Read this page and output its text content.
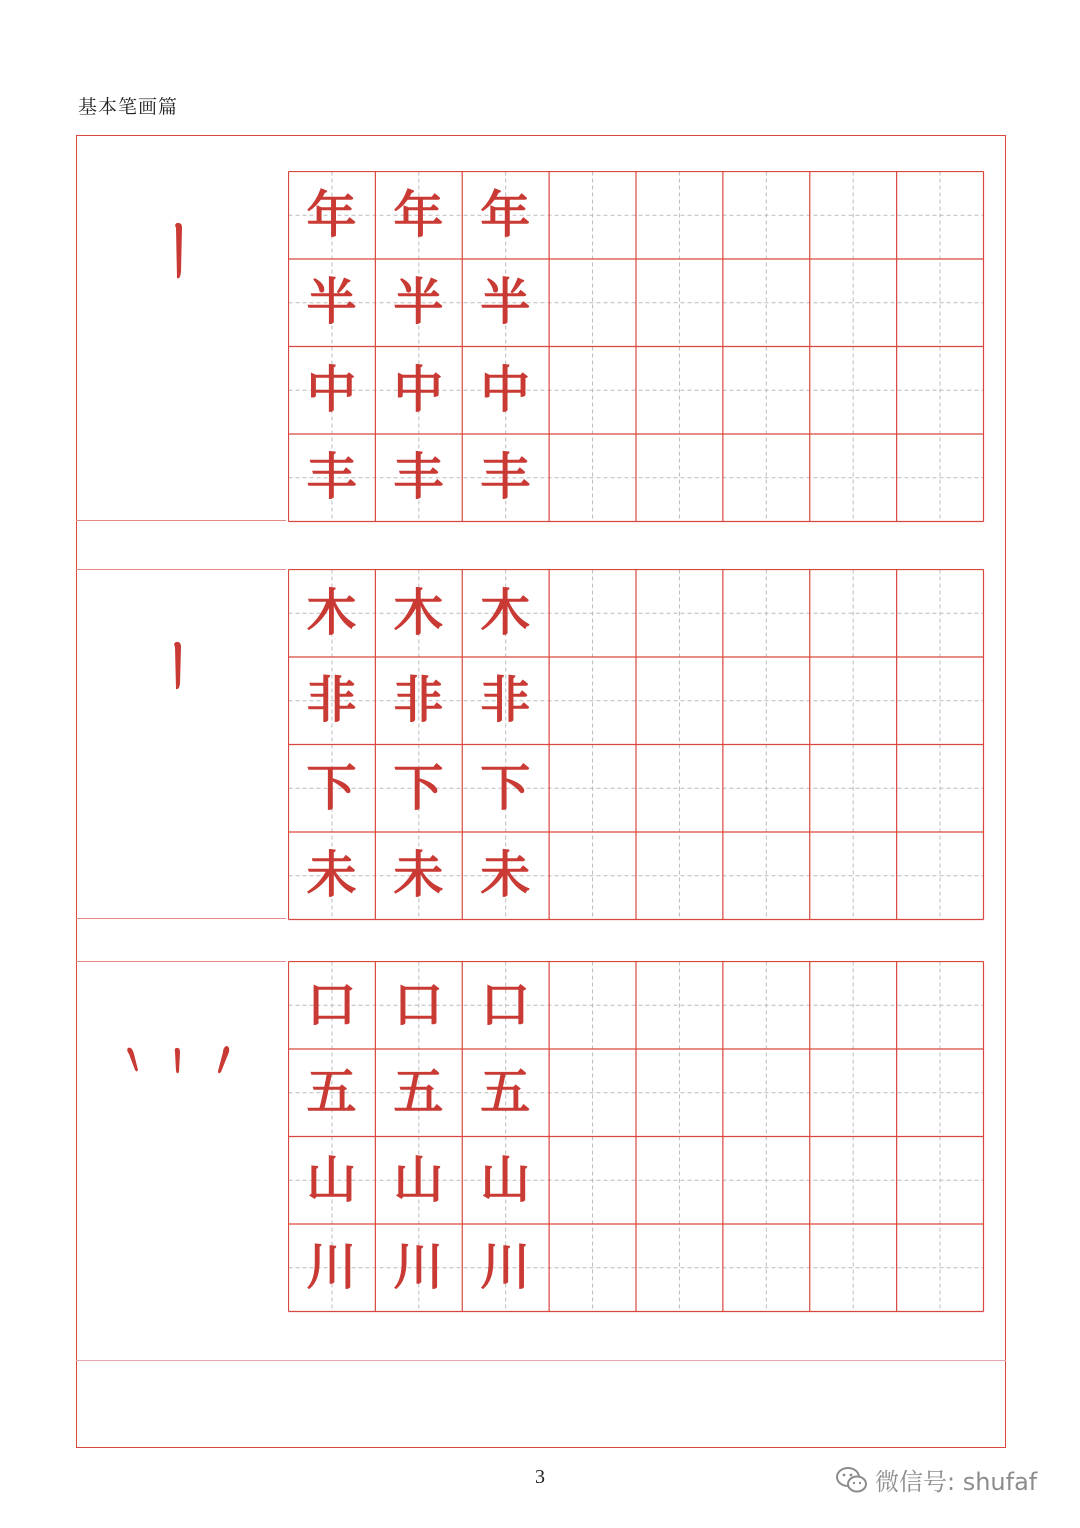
基本笔画篇
年 年 年
半 半 半
中 中 中
丰 丰 丰
木 木 木
非 非 非
下 下 下
未 未 未
口 口 口
五 五 五
山 山 山
川 川 川
3	微信号: shufaf
